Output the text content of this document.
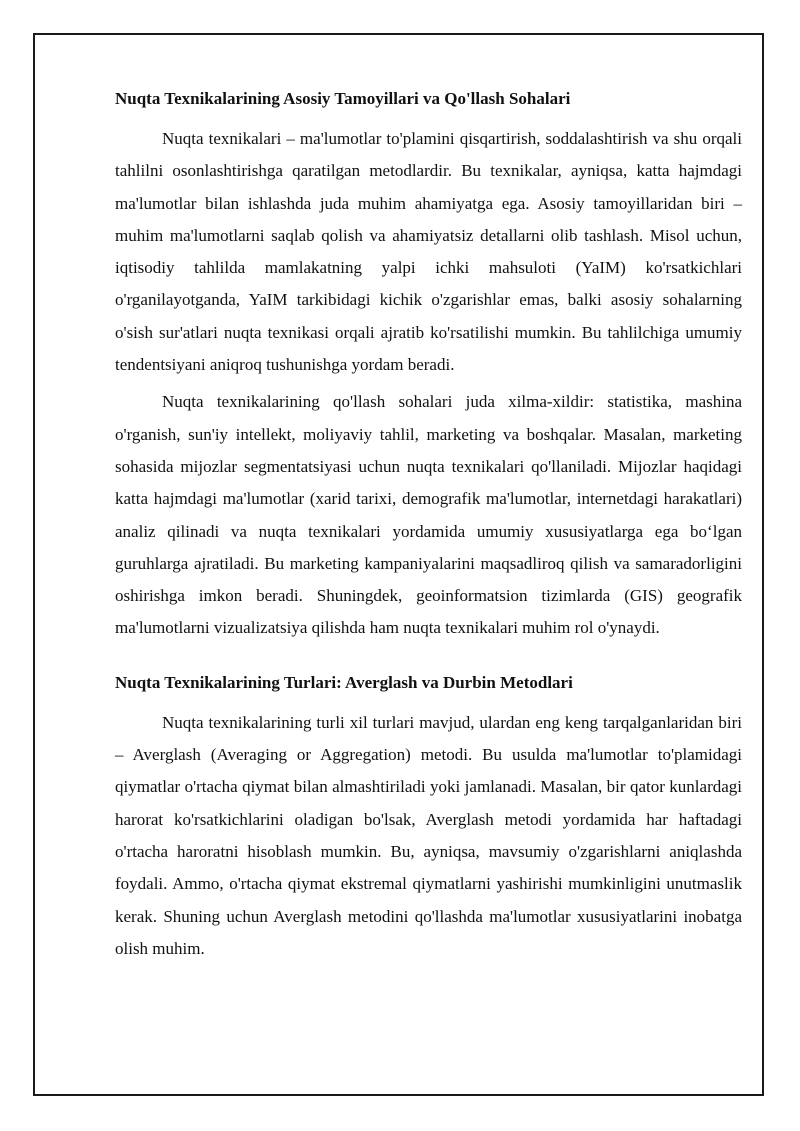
Nuqta Texnikalarining Asosiy Tamoyillari va Qo'llash Sohalari

Nuqta texnikalari – ma'lumotlar to'plamini qisqartirish, soddalashtirish va shu orqali tahlilni osonlashtirishga qaratilgan metodlardir. Bu texnikalar, ayniqsa, katta hajmdagi ma'lumotlar bilan ishlashda juda muhim ahamiyatga ega. Asosiy tamoyillaridan biri – muhim ma'lumotlarni saqlab qolish va ahamiyatsiz detallarni olib tashlash. Misol uchun, iqtisodiy tahlilda mamlakatning yalpi ichki mahsuloti (YaIM) ko'rsatkichlari o'rganilayotganda, YaIM tarkibidagi kichik o'zgarishlar emas, balki asosiy sohalarning o'sish sur'atlari nuqta texnikasi orqali ajratib ko'rsatilishi mumkin. Bu tahlilchiga umumiy tendentsiyani aniqroq tushunishga yordam beradi.

Nuqta texnikalarining qo'llash sohalari juda xilma-xildir: statistika, mashina o'rganish, sun'iy intellekt, moliyaviy tahlil, marketing va boshqalar. Masalan, marketing sohasida mijozlar segmentatsiyasi uchun nuqta texnikalari qo'llaniladi. Mijozlar haqidagi katta hajmdagi ma'lumotlar (xarid tarixi, demografik ma'lumotlar, internetdagi harakatlari) analiz qilinadi va nuqta texnikalari yordamida umumiy xususiyatlarga ega boʻlgan guruhlarga ajratiladi. Bu marketing kampaniyalarini maqsadliroq qilish va samaradorligini oshirishga imkon beradi. Shuningdek, geoinformatsion tizimlarda (GIS) geografik ma'lumotlarni vizualizatsiya qilishda ham nuqta texnikalari muhim rol o'ynaydi.

Nuqta Texnikalarining Turlari: Averglash va Durbin Metodlari

Nuqta texnikalarining turli xil turlari mavjud, ulardan eng keng tarqalganlaridan biri – Averglash (Averaging or Aggregation) metodi. Bu usulda ma'lumotlar to'plamidagi qiymatlar o'rtacha qiymat bilan almashtiriladi yoki jamlanadi. Masalan, bir qator kunlardagi harorat ko'rsatkichlarini oladigan bo'lsak, Averglash metodi yordamida har haftadagi o'rtacha haroratni hisoblash mumkin. Bu, ayniqsa, mavsumiy o'zgarishlarni aniqlashda foydali. Ammo, o'rtacha qiymat ekstremal qiymatlarni yashirishi mumkinligini unutmaslik kerak. Shuning uchun Averglash metodini qo'llashda ma'lumotlar xususiyatlarini inobatga olish muhim.
